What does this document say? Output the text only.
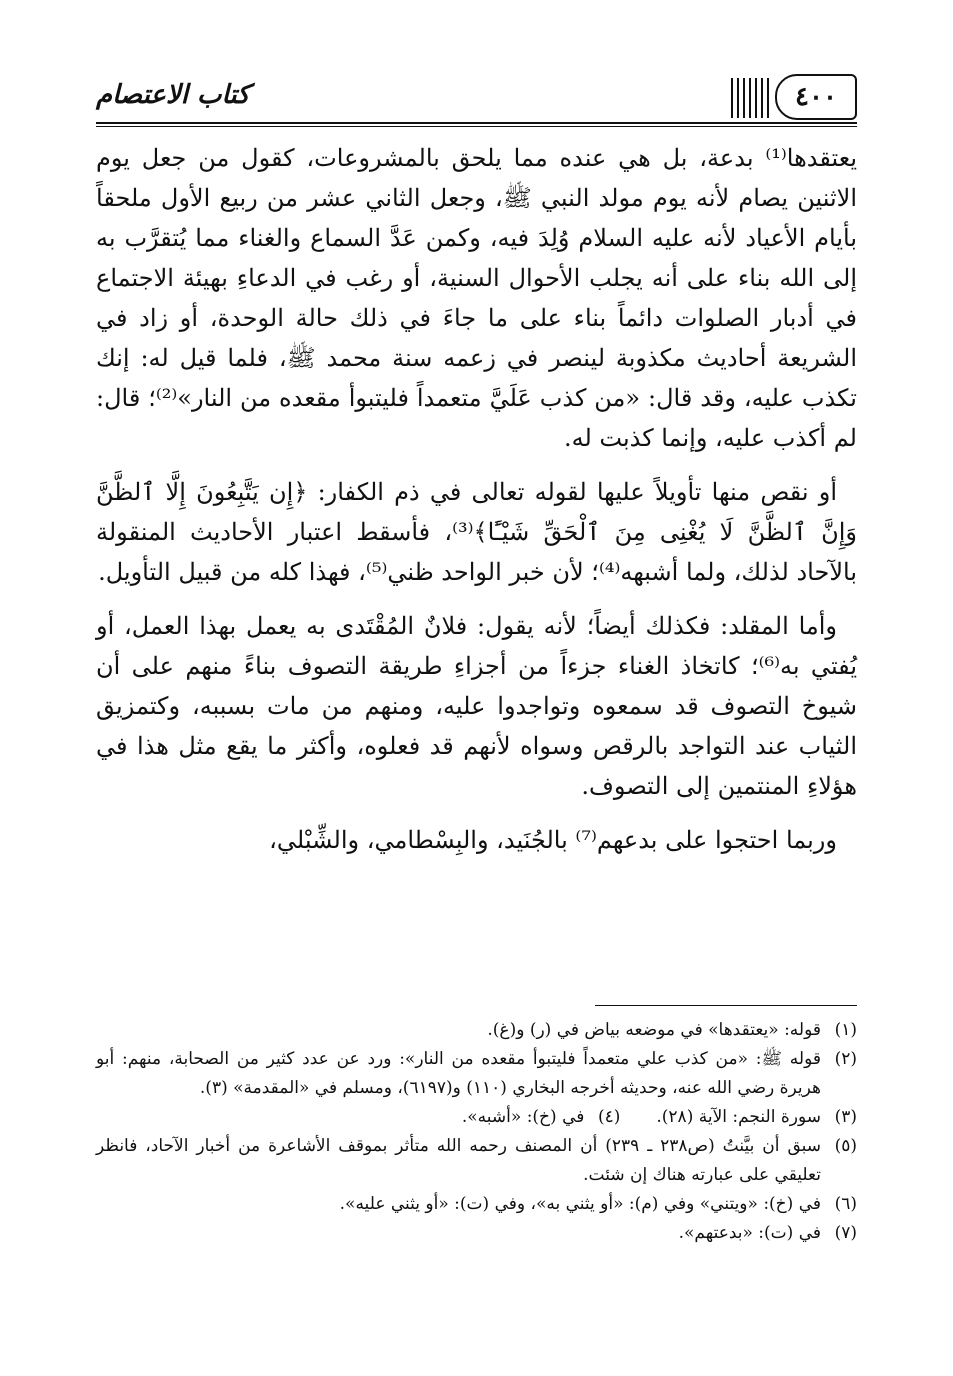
كتاب الاعتصام	٤٠٠

يعتقدها⁽¹⁾ بدعة، بل هي عنده مما يلحق بالمشروعات، كقول من جعل يوم الاثنين يصام لأنه يوم مولد النبي ﷺ، وجعل الثاني عشر من ربيع الأول ملحقاً بأيام الأعياد لأنه عليه السلام وُلِدَ فيه، وكمن عَدَّ السماع والغناء مما يُتقرَّب به إلى الله بناء على أنه يجلب الأحوال السنية، أو رغب في الدعاءِ بهيئة الاجتماع في أدبار الصلوات دائماً بناء على ما جاءَ في ذلك حالة الوحدة، أو زاد في الشريعة أحاديث مكذوبة لينصر في زعمه سنة محمد ﷺ، فلما قيل له: إنك تكذب عليه، وقد قال: «من كذب عَلَيَّ متعمداً فليتبوأ مقعده من النار»⁽²⁾؛ قال: لم أكذب عليه، وإنما كذبت له.

أو نقص منها تأويلاً عليها لقوله تعالى في ذم الكفار: ﴿إِن يَتَّبِعُونَ إِلَّا ٱلظَّنَّ وَإِنَّ ٱلظَّنَّ لَا يُغْنِى مِنَ ٱلْحَقِّ شَيْـًٔا﴾⁽³⁾، فأسقط اعتبار الأحاديث المنقولة بالآحاد لذلك، ولما أشبهه⁽⁴⁾؛ لأن خبر الواحد ظني⁽⁵⁾، فهذا كله من قبيل التأويل.

وأما المقلد: فكذلك أيضاً؛ لأنه يقول: فلانٌ المُقْتَدى به يعمل بهذا العمل، أو يُفتي به⁽⁶⁾؛ كاتخاذ الغناء جزءاً من أجزاءِ طريقة التصوف بناءً منهم على أن شيوخ التصوف قد سمعوه وتواجدوا عليه، ومنهم من مات بسببه، وكتمزيق الثياب عند التواجد بالرقص وسواه لأنهم قد فعلوه، وأكثر ما يقع مثل هذا في هؤلاءِ المنتمين إلى التصوف.

وربما احتجوا على بدعهم⁽⁷⁾ بالجُنَيد، والبِسْطامي، والشِّبْلي،

(١)
قوله: «يعتقدها» في موضعه بياض في (ر) و(غ).
(٢)
قوله ﷺ: «من كذب علي متعمداً فليتبوأ مقعده من النار»: ورد عن عدد كثير من الصحابة، منهم: أبو هريرة رضي الله عنه، وحديثه أخرجه البخاري (١١٠) و(٦١٩٧)، ومسلم في «المقدمة» (٣).
(٣)
سورة النجم: الآية (٢٨).
(٤)
في (خ): «أشبه».
(٥)
سبق أن بيَّنتُ (ص٢٣٨ ـ ٢٣٩) أن المصنف رحمه الله متأثر بموقف الأشاعرة من أخبار الآحاد، فانظر تعليقي على عبارته هناك إن شئت.
(٦)
في (خ): «ويتني» وفي (م): «أو يثني به»، وفي (ت): «أو يثني عليه».
(٧)
في (ت): «بدعتهم».
